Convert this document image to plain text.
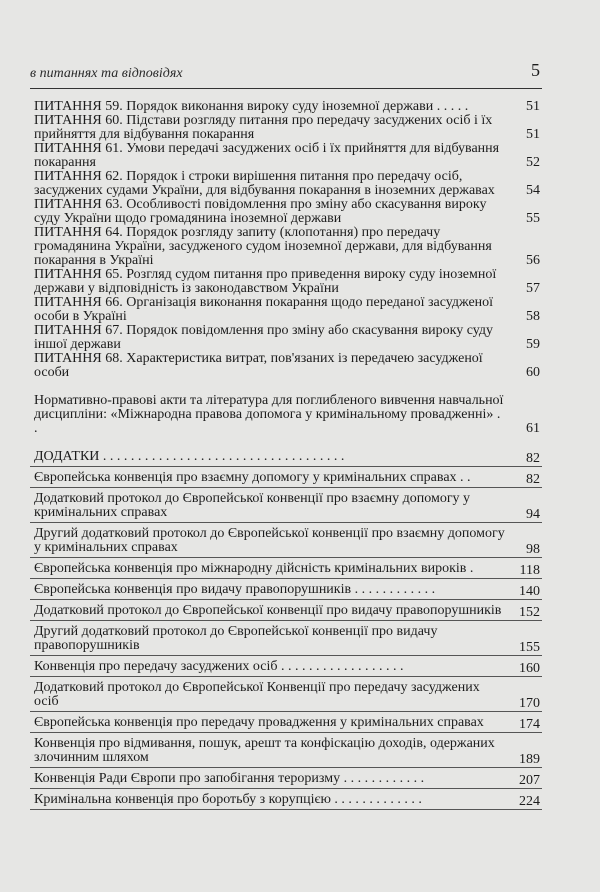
в питаннях та відповідях	5
ПИТАННЯ 59. Порядок виконання вироку суду іноземної держави . . . . .	51
ПИТАННЯ 60. Підстави розгляду питання про передачу засуджених осіб і їх прийняття для відбування покарання	51
ПИТАННЯ 61. Умови передачі засуджених осіб і їх прийняття для відбування покарання	52
ПИТАННЯ 62. Порядок і строки вирішення питання про передачу осіб, засуджених судами України, для відбування покарання в іноземних державах 54
ПИТАННЯ 63. Особливості повідомлення про зміну або скасування вироку суду України щодо громадянина іноземної держави	55
ПИТАННЯ 64. Порядок розгляду запиту (клопотання) про передачу громадянина України, засудженого судом іноземної держави, для відбування покарання в Україні	56
ПИТАННЯ 65. Розгляд судом питання про приведення вироку суду іноземної держави у відповідність із законодавством України	57
ПИТАННЯ 66. Організація виконання покарання щодо переданої засудженої особи в Україні	58
ПИТАННЯ 67. Порядок повідомлення про зміну або скасування вироку суду іншої держави	59
ПИТАННЯ 68. Характеристика витрат, пов'язаних із передачею засудженої особи	60
Нормативно-правові акти та література для поглибленого вивчення навчальної дисципліни: «Міжнародна правова допомога у кримінальному провадженні» . .	61
ДОДАТКИ . . . . . . . . . . . . . . . . . . . . . . . . . . . . . . . . . . .	82
Європейська конвенція про взаємну допомогу у кримінальних справах . .	82
Додатковий протокол до Європейської конвенції про взаємну допомогу у кримінальних справах	94
Другий додатковий протокол до Європейської конвенції про взаємну допомогу у кримінальних справах	98
Європейська конвенція про міжнародну дійсність кримінальних вироків .	118
Європейська конвенція про видачу правопорушників . . . . . . . . . . . .	140
Додатковий протокол до Європейської конвенції про видачу правопорушників 152
Другий додатковий протокол до Європейської конвенції про видачу правопорушників	155
Конвенція про передачу засуджених осіб . . . . . . . . . . . . . . . . . .	160
Додатковий протокол до Європейської Конвенції про передачу засуджених осіб	170
Європейська конвенція про передачу провадження у кримінальних справах	174
Конвенція про відмивання, пошук, арешт та конфіскацію доходів, одержаних злочинним шляхом	189
Конвенція Ради Європи про запобігання тероризму . . . . . . . . . . . .	207
Кримінальна конвенція про боротьбу з корупцією . . . . . . . . . . . . .	224
